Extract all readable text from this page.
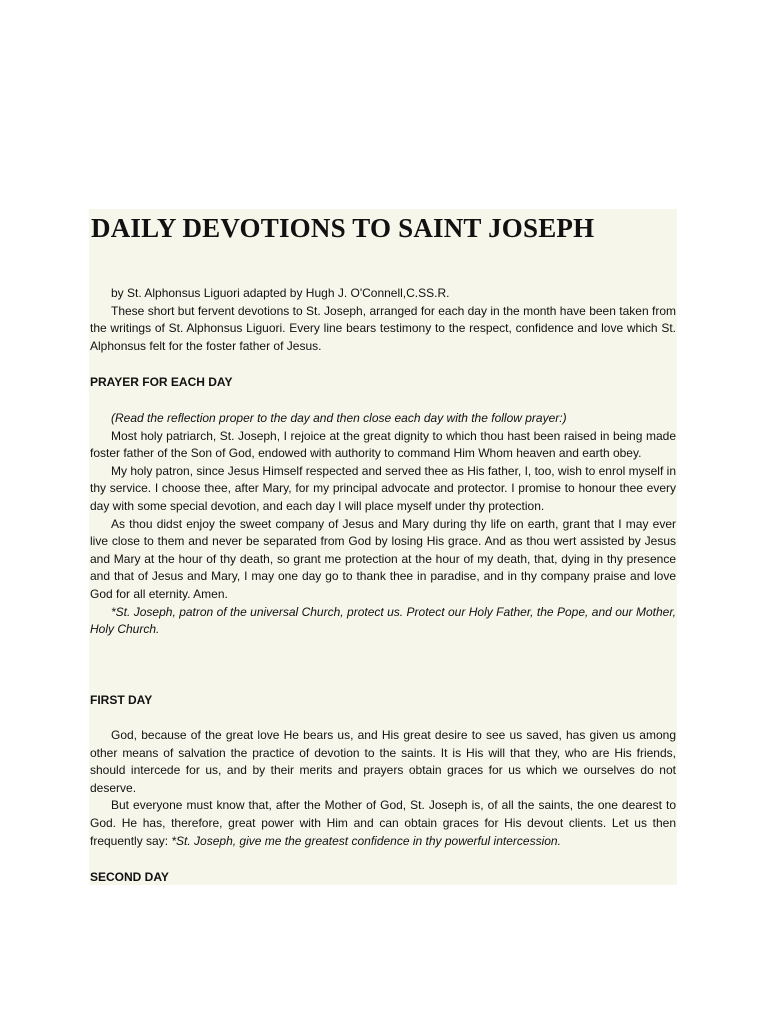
DAILY DEVOTIONS TO SAINT JOSEPH

by St. Alphonsus Liguori adapted by Hugh J. O'Connell,C.SS.R.

These short but fervent devotions to St. Joseph, arranged for each day in the month have been taken from the writings of St. Alphonsus Liguori. Every line bears testimony to the respect, confidence and love which St. Alphonsus felt for the foster father of Jesus.

PRAYER FOR EACH DAY

(Read the reflection proper to the day and then close each day with the follow prayer:)

Most holy patriarch, St. Joseph, I rejoice at the great dignity to which thou hast been raised in being made foster father of the Son of God, endowed with authority to command Him Whom heaven and earth obey.

My holy patron, since Jesus Himself respected and served thee as His father, I, too, wish to enrol myself in thy service. I choose thee, after Mary, for my principal advocate and protector. I promise to honour thee every day with some special devotion, and each day I will place myself under thy protection.

As thou didst enjoy the sweet company of Jesus and Mary during thy life on earth, grant that I may ever live close to them and never be separated from God by losing His grace. And as thou wert assisted by Jesus and Mary at the hour of thy death, so grant me protection at the hour of my death, that, dying in thy presence and that of Jesus and Mary, I may one day go to thank thee in paradise, and in thy company praise and love God for all eternity. Amen.

*St. Joseph, patron of the universal Church, protect us. Protect our Holy Father, the Pope, and our Mother, Holy Church.

FIRST DAY

God, because of the great love He bears us, and His great desire to see us saved, has given us among other means of salvation the practice of devotion to the saints. It is His will that they, who are His friends, should intercede for us, and by their merits and prayers obtain graces for us which we ourselves do not deserve.

But everyone must know that, after the Mother of God, St. Joseph is, of all the saints, the one dearest to God. He has, therefore, great power with Him and can obtain graces for His devout clients. Let us then frequently say: *St. Joseph, give me the greatest confidence in thy powerful intercession.

SECOND DAY
